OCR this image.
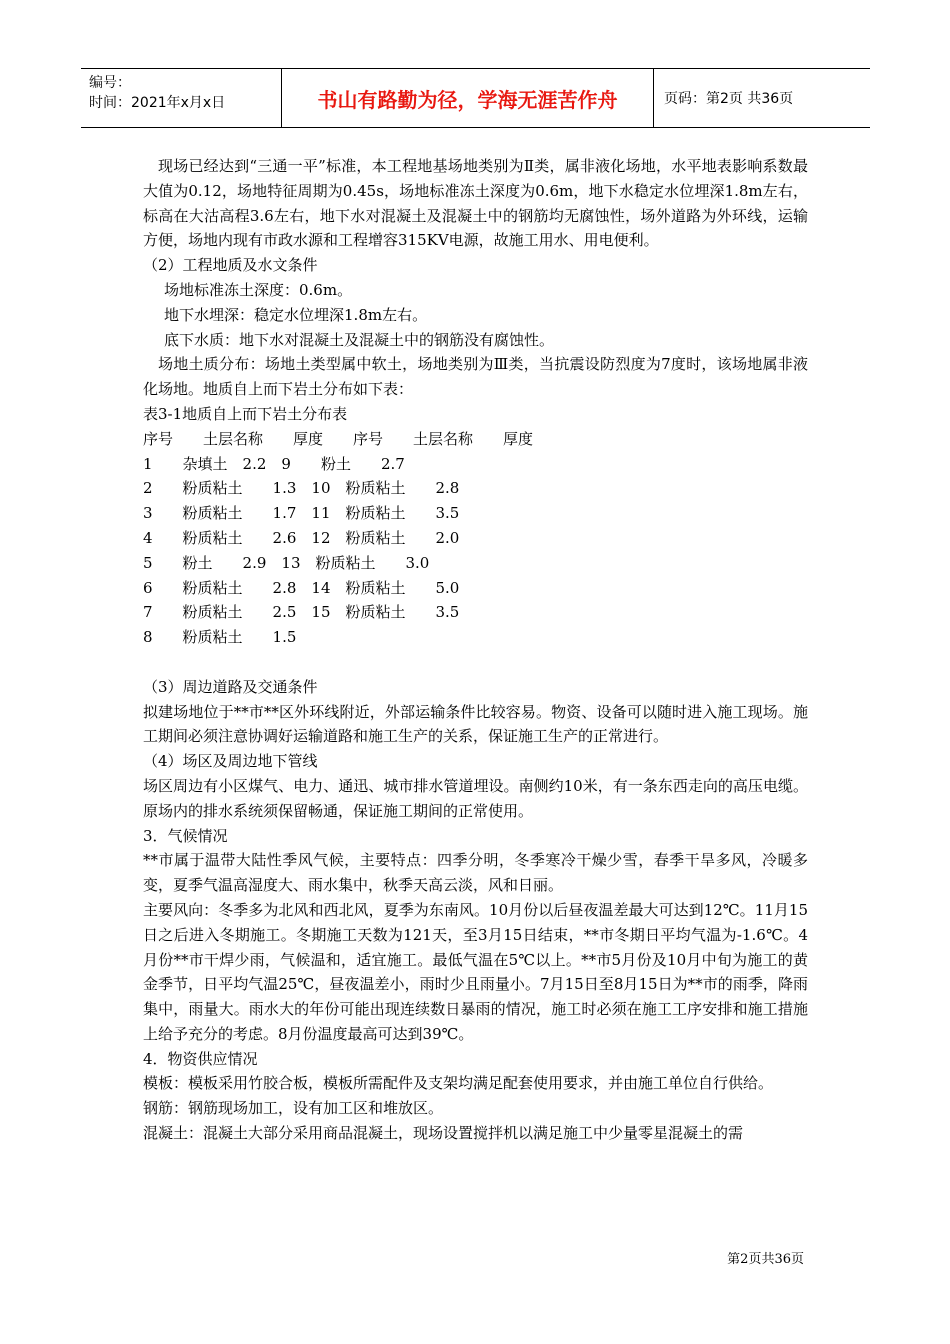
编号：
时间：2021年x月x日	书山有路勤为径，学海无涯苦作舟	页码：第2页 共36页

现场已经达到“三通一平”标准，本工程地基场地类别为Ⅱ类，属非液化场地，水平地表影响系数最大值为0.12，场地特征周期为0.45s，场地标准冻土深度为0.6m，地下水稳定水位埋深1.8m左右，标高在大沽高程3.6左右，地下水对混凝土及混凝土中的钢筋均无腐蚀性，场外道路为外环线，运输方便，场地内现有市政水源和工程增容315KV电源，故施工用水、用电便利。

（2）工程地质及水文条件

场地标准冻土深度：0.6m。

地下水埋深：稳定水位埋深1.8m左右。

底下水质：地下水对混凝土及混凝土中的钢筋没有腐蚀性。

场地土质分布：场地土类型属中软土，场地类别为Ⅲ类，当抗震设防烈度为7度时，该场地属非液化场地。地质自上而下岩土分布如下表：

表3-1地质自上而下岩土分布表

序号　　土层名称　　厚度　　序号　　土层名称　　厚度
1　　杂填土　2.2　9　　粉土　　2.7
2　　粉质粘土　　1.3　10　粉质粘土　　2.8
3　　粉质粘土　　1.7　11　粉质粘土　　3.5
4　　粉质粘土　　2.6　12　粉质粘土　　2.0
5　　粉土　　2.9　13　粉质粘土　　3.0
6　　粉质粘土　　2.8　14　粉质粘土　　5.0
7　　粉质粘土　　2.5　15　粉质粘土　　3.5
8　　粉质粘土　　1.5

（3）周边道路及交通条件

拟建场地位于**市**区外环线附近，外部运输条件比较容易。物资、设备可以随时进入施工现场。施工期间必须注意协调好运输道路和施工生产的关系，保证施工生产的正常进行。

（4）场区及周边地下管线

场区周边有小区煤气、电力、通迅、城市排水管道埋设。南侧约10米，有一条东西走向的高压电缆。原场内的排水系统须保留畅通，保证施工期间的正常使用。

3．气候情况

**市属于温带大陆性季风气候，主要特点：四季分明，冬季寒冷干燥少雪，春季干旱多风，冷暖多变，夏季气温高湿度大、雨水集中，秋季天高云淡，风和日丽。

主要风向：冬季多为北风和西北风，夏季为东南风。10月份以后昼夜温差最大可达到12℃。11月15日之后进入冬期施工。冬期施工天数为121天，至3月15日结束，**市冬期日平均气温为-1.6℃。4月份**市干焊少雨，气候温和，适宜施工。最低气温在5℃以上。**市5月份及10月中旬为施工的黄金季节，日平均气温25℃，昼夜温差小，雨时少且雨量小。7月15日至8月15日为**市的雨季，降雨集中，雨量大。雨水大的年份可能出现连续数日暴雨的情况，施工时必须在施工工序安排和施工措施上给予充分的考虑。8月份温度最高可达到39℃。

4．物资供应情况

模板：模板采用竹胶合板，模板所需配件及支架均满足配套使用要求，并由施工单位自行供给。

钢筋：钢筋现场加工，设有加工区和堆放区。

混凝土：混凝土大部分采用商品混凝土，现场设置搅拌机以满足施工中少量零星混凝土的需

第2页共36页
